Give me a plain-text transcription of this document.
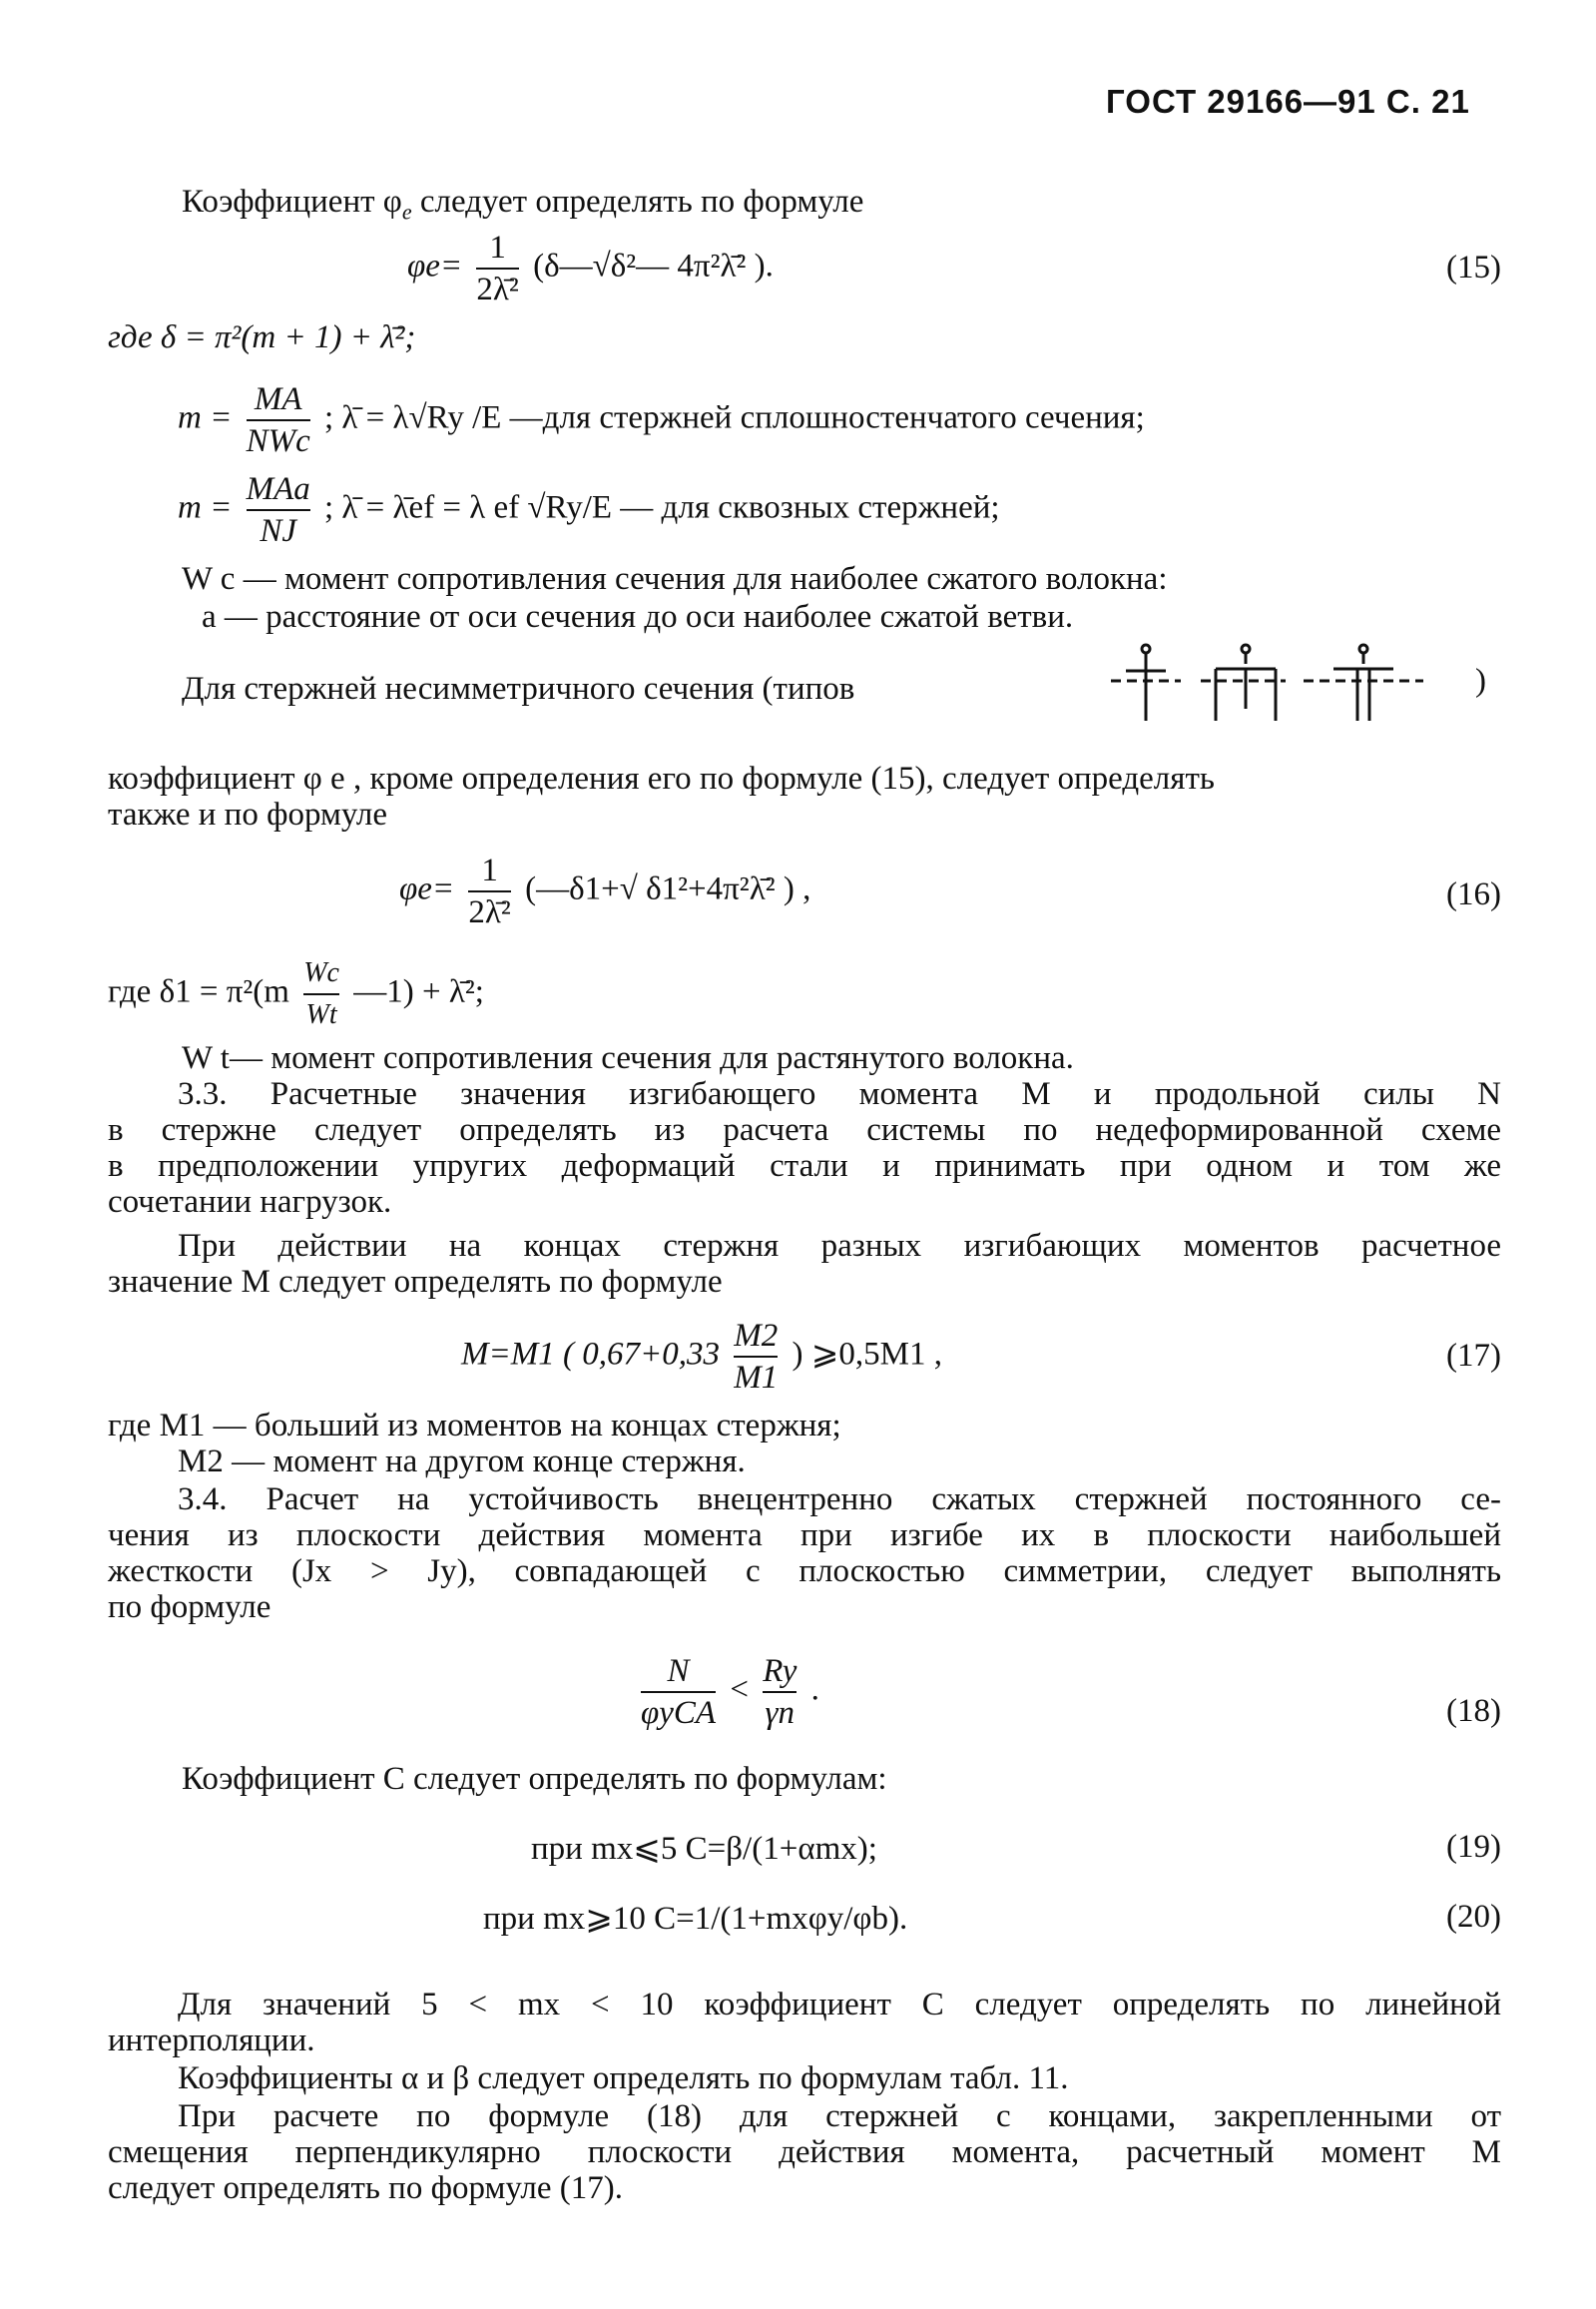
ГОСТ 29166—91 С. 21
Коэффициент $\varphi_e$ следует определять по формуле
$\varphi e= \frac{1}{\text{2λ̄²}}$ (δ—√δ²— 4π²λ̄² ).	(15)
где δ = π²(m + 1) + λ̄²;
$m = \frac{MA}{\text{NWc}}$ ; λ̄ = λ√Ry /E —для стержней сплошностенчатого сечения;
$m = \frac{\text{MAa}}{NJ}$ ; λ̄ = λ̄ef = λ ef √Ry/E — для сквозных стержней;
W c — момент сопротивления сечения для наиболее сжатого волокна:
a — расстояние от оси сечения до оси наиболее сжатой ветви.
Для стержней несимметричного сечения (типов	)
коэффициент φ e , кроме определения его по формуле (15), следует определять
также и по формуле
$\varphi e= \frac{1}{\text{2λ̄²}}$ (—δ1+√ δ1²+4π²λ̄² ) ,	(16)
где $\delta 1 = \pi^2(m \frac{Wc}{Wt}$ —1) + λ̄²;
W t— момент сопротивления сечения для растянутого волокна.
3.3. Расчетные значения изгибающего момента M и продольной силы N
в стержне следует определять из расчета системы по недеформированной схеме
в предположении упругих деформаций стали и принимать при одном и том же
сочетании нагрузок.
При действии на концах стержня разных изгибающих моментов расчетное
значение M следует определять по формуле
M=M1 ( $0,67+0,33 \frac{M2}{M1}$ ) ⩾0,5M1 ,	(17)
где M1 — больший из моментов на концах стержня;
M2 — момент на другом конце стержня.
3.4. Расчет на устойчивость внецентренно сжатых стержней постоянного се-
чения из плоскости действия момента при изгибе их в плоскости наибольшей
жесткости (Jx > Jy), совпадающей с плоскостью симметрии, следует выполнять
по формуле
$\frac{N}{\text{φyCA}} < \frac{Ry}{\gamma n}$ .
(18)
Коэффициент C следует определять по формулам:
при mx⩽5 C=β/(1+αmx);	(19)
при mx⩾10 C=1/(1+mxφy/φb).	(20)
Для значений 5 < mx < 10 коэффициент C следует определять по линейной
интерполяции.
Коэффициенты α и β следует определять по формулам табл. 11.
При расчете по формуле (18) для стержней с концами, закрепленными от
смещения перпендикулярно плоскости действия момента, расчетный момент M
следует определять по формуле (17).
